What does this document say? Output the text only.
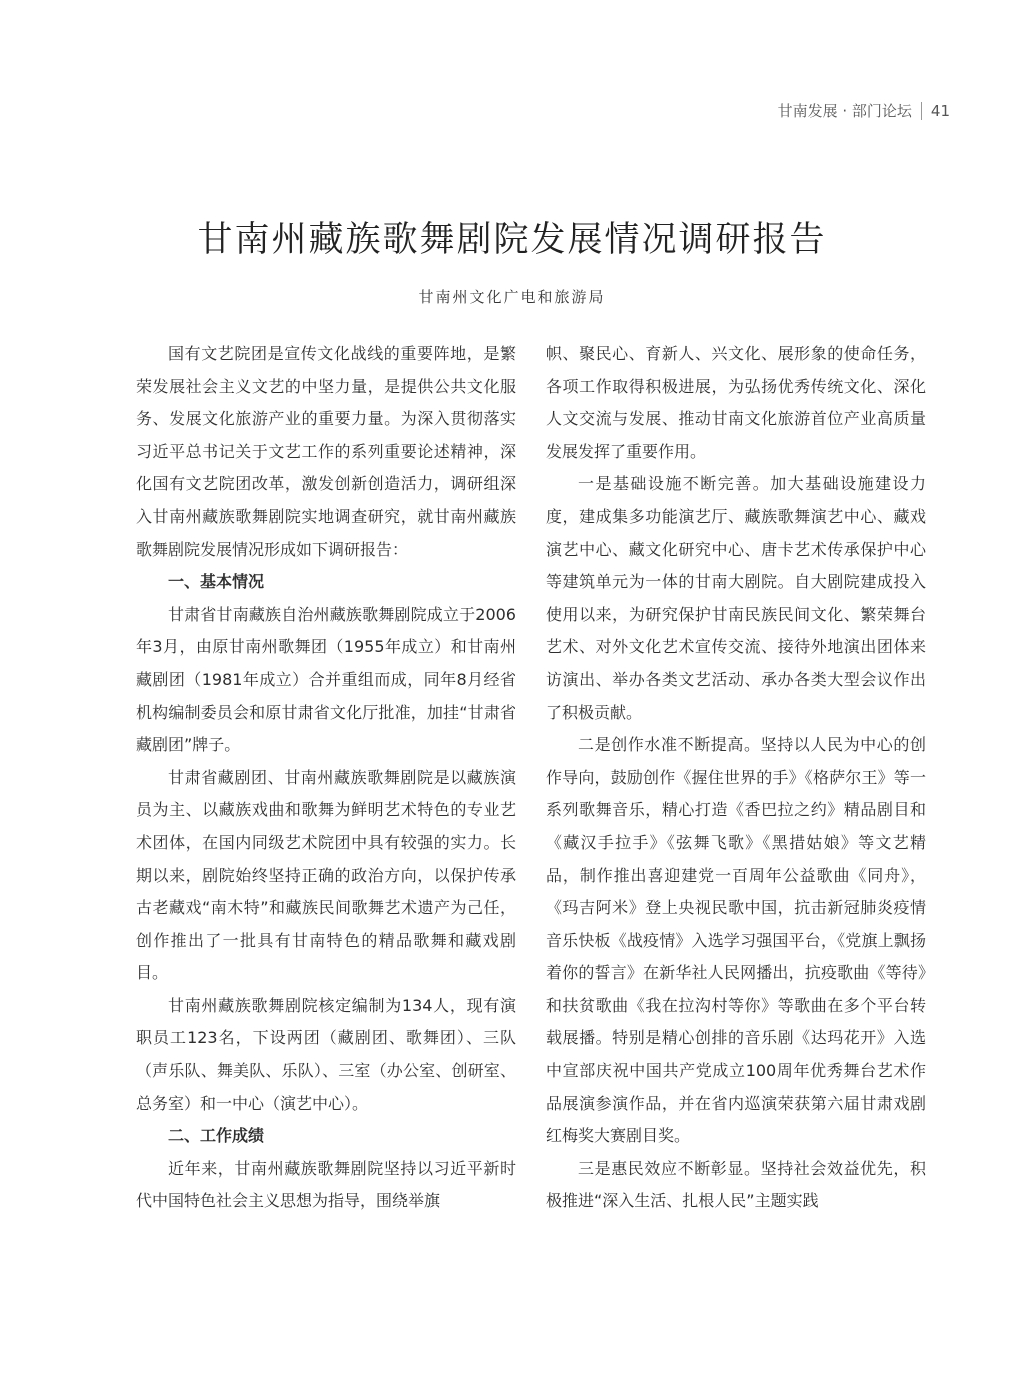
甘南发展 · 部门论坛 41
甘南州藏族歌舞剧院发展情况调研报告
甘南州文化广电和旅游局

国有文艺院团是宣传文化战线的重要阵地，是繁荣发展社会主义文艺的中坚力量，是提供公共文化服务、发展文化旅游产业的重要力量。为深入贯彻落实习近平总书记关于文艺工作的系列重要论述精神，深化国有文艺院团改革，激发创新创造活力，调研组深入甘南州藏族歌舞剧院实地调查研究，就甘南州藏族歌舞剧院发展情况形成如下调研报告：

一、基本情况

甘肃省甘南藏族自治州藏族歌舞剧院成立于2006年3月，由原甘南州歌舞团（1955年成立）和甘南州藏剧团（1981年成立）合并重组而成，同年8月经省机构编制委员会和原甘肃省文化厅批准，加挂“甘肃省藏剧团”牌子。

甘肃省藏剧团、甘南州藏族歌舞剧院是以藏族演员为主、以藏族戏曲和歌舞为鲜明艺术特色的专业艺术团体，在国内同级艺术院团中具有较强的实力。长期以来，剧院始终坚持正确的政治方向，以保护传承古老藏戏“南木特”和藏族民间歌舞艺术遗产为己任，创作推出了一批具有甘南特色的精品歌舞和藏戏剧目。

甘南州藏族歌舞剧院核定编制为134人，现有演职员工123名，下设两团（藏剧团、歌舞团）、三队（声乐队、舞美队、乐队）、三室（办公室、创研室、总务室）和一中心（演艺中心）。

二、工作成绩

近年来，甘南州藏族歌舞剧院坚持以习近平新时代中国特色社会主义思想为指导，围绕举旗

帜、聚民心、育新人、兴文化、展形象的使命任务，各项工作取得积极进展，为弘扬优秀传统文化、深化人文交流与发展、推动甘南文化旅游首位产业高质量发展发挥了重要作用。

一是基础设施不断完善。加大基础设施建设力度，建成集多功能演艺厅、藏族歌舞演艺中心、藏戏演艺中心、藏文化研究中心、唐卡艺术传承保护中心等建筑单元为一体的甘南大剧院。自大剧院建成投入使用以来，为研究保护甘南民族民间文化、繁荣舞台艺术、对外文化艺术宣传交流、接待外地演出团体来访演出、举办各类文艺活动、承办各类大型会议作出了积极贡献。

二是创作水准不断提高。坚持以人民为中心的创作导向，鼓励创作《握住世界的手》《格萨尔王》等一系列歌舞音乐，精心打造《香巴拉之约》精品剧目和《藏汉手拉手》《弦舞飞歌》《黑措姑娘》等文艺精品，制作推出喜迎建党一百周年公益歌曲《同舟》，《玛吉阿米》登上央视民歌中国，抗击新冠肺炎疫情音乐快板《战疫情》入选学习强国平台，《党旗上飘扬着你的誓言》在新华社人民网播出，抗疫歌曲《等待》和扶贫歌曲《我在拉沟村等你》等歌曲在多个平台转载展播。特别是精心创排的音乐剧《达玛花开》入选中宣部庆祝中国共产党成立100周年优秀舞台艺术作品展演参演作品，并在省内巡演荣获第六届甘肃戏剧红梅奖大赛剧目奖。

三是惠民效应不断彰显。坚持社会效益优先，积极推进“深入生活、扎根人民”主题实践
